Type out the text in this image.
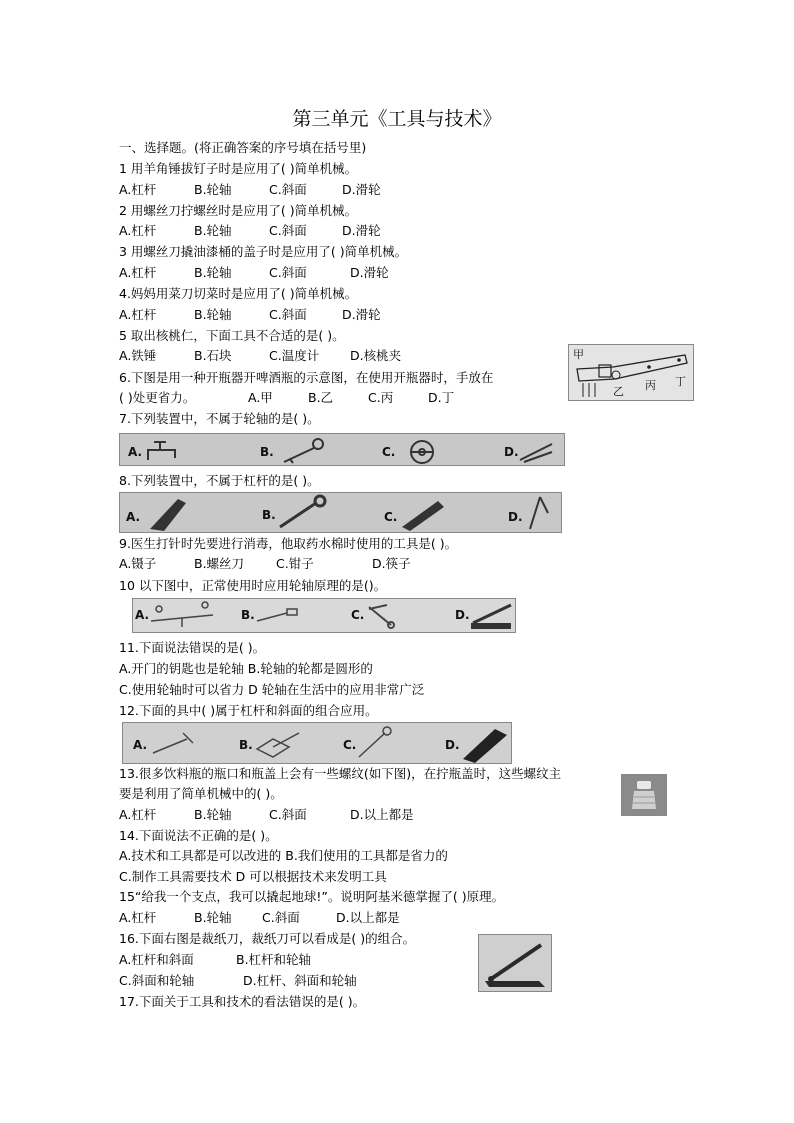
第三单元《工具与技术》
一、选择题。(将正确答案的序号填在括号里)
1 用羊角锤拔钉子时是应用了( )简单机械。
A.杠杆	B.轮轴	C.斜面	D.滑轮
2 用螺丝刀拧螺丝时是应用了( )简单机械。
A.杠杆	B.轮轴	C.斜面	D.滑轮
3 用螺丝刀撬油漆桶的盖子时是应用了( )简单机械。
A.杠杆	B.轮轴	C.斜面	D.滑轮
4.妈妈用菜刀切菜时是应用了( )简单机械。
A.杠杆	B.轮轴	C.斜面	D.滑轮
5 取出核桃仁，下面工具不合适的是( )。
A.铁锤	B.石块	C.温度计 D.核桃夹	甲
乙 丙 丁
6.下图是用一种开瓶器开啤酒瓶的示意图，在使用开瓶器时，手放在
( )处更省力。	A.甲	B.乙	C.丙	D.丁
7.下列装置中，不属于轮轴的是( )。
A.	B.	C.	D.
8.下列装置中，不属于杠杆的是( )。
A.	B.	C.	D.
9.医生打针时先要进行消毒，他取药水棉时使用的工具是( )。
A.镊子	B.螺丝刀	C.钳子	D.筷子
10 以下图中，正常使用时应用轮轴原理的是()。
A.	B.	C.	D.
11.下面说法错误的是( )。
A.开门的钥匙也是轮轴 B.轮轴的轮都是圆形的
C.使用轮轴时可以省力 D 轮轴在生活中的应用非常广泛
12.下面的具中( )属于杠杆和斜面的组合应用。
A.	B.	C.	D.
13.很多饮料瓶的瓶口和瓶盖上会有一些螺纹(如下图)，在拧瓶盖时，这些螺纹主
要是利用了简单机械中的( )。
A.杠杆	B.轮轴	C.斜面	D.以上都是
14.下面说法不正确的是( )。
A.技术和工具都是可以改进的 B.我们使用的工具都是省力的
C.制作工具需要技术 D 可以根据技术来发明工具
15“给我一个支点，我可以撬起地球!”。说明阿基米德掌握了( )原理。
A.杠杆	B.轮轴 C.斜面	D.以上都是
16.下面右图是裁纸刀，裁纸刀可以看成是( )的组合。
A.杠杆和斜面	B.杠杆和轮轴
C.斜面和轮轴	D.杠杆、斜面和轮轴
17.下面关于工具和技术的看法错误的是( )。
